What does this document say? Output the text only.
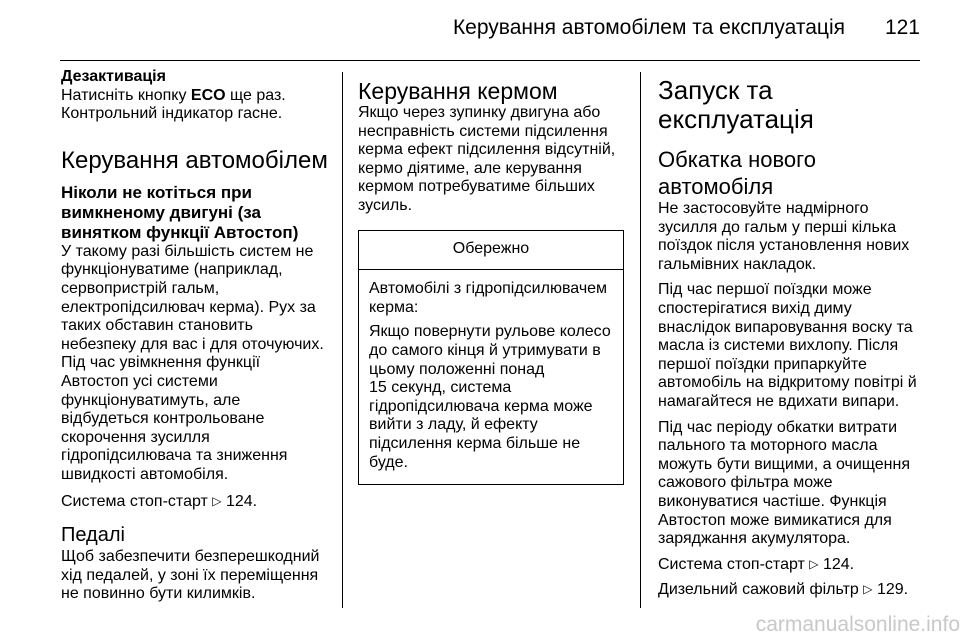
Керування автомобілем та експлуатація	121
Дезактивація
Натисніть кнопку ECO ще раз.
Контрольний індикатор гасне.
Керування автомобілем
Ніколи не котіться при
вимкненому двигуні (за
винятком функції Автостоп)
У такому разі більшість систем не
функціонуватиме (наприклад,
сервопристрій гальм,
електропідсилювач керма). Рух за
таких обставин становить
небезпеку для вас і для оточуючих.
Під час увімкнення функції
Автостоп усі системи
функціонуватимуть, але
відбудеться контрольоване
скорочення зусилля
гідропідсилювача та зниження
швидкості автомобіля.
Система стоп-старт ▷ 124.
Педалі
Щоб забезпечити безперешкодний
хід педалей, у зоні їх переміщення
не повинно бути килимків.
Керування кермом
Якщо через зупинку двигуна або
несправність системи підсилення
керма ефект підсилення відсутній,
кермо діятиме, але керування
кермом потребуватиме більших
зусиль.
Обережно
Автомобілі з гідропідсилювачем
керма:
Якщо повернути рульове колесо
до самого кінця й утримувати в
цьому положенні понад
15 секунд, система
гідропідсилювача керма може
вийти з ладу, й ефекту
підсилення керма більше не
буде.
Запуск та
експлуатація
Обкатка нового
автомобіля
Не застосовуйте надмірного
зусилля до гальм у перші кілька
поїздок після установлення нових
гальмівних накладок.
Під час першої поїздки може
спостерігатися вихід диму
внаслідок випаровування воску та
масла із системи вихлопу. Після
першої поїздки припаркуйте
автомобіль на відкритому повітрі й
намагайтеся не вдихати випари.
Під час періоду обкатки витрати
пального та моторного масла
можуть бути вищими, а очищення
сажового фільтра може
виконуватися частіше. Функція
Автостоп може вимикатися для
заряджання акумулятора.
Система стоп-старт ▷ 124.
Дизельний сажовий фільтр ▷ 129.
carmanualsonline.info
